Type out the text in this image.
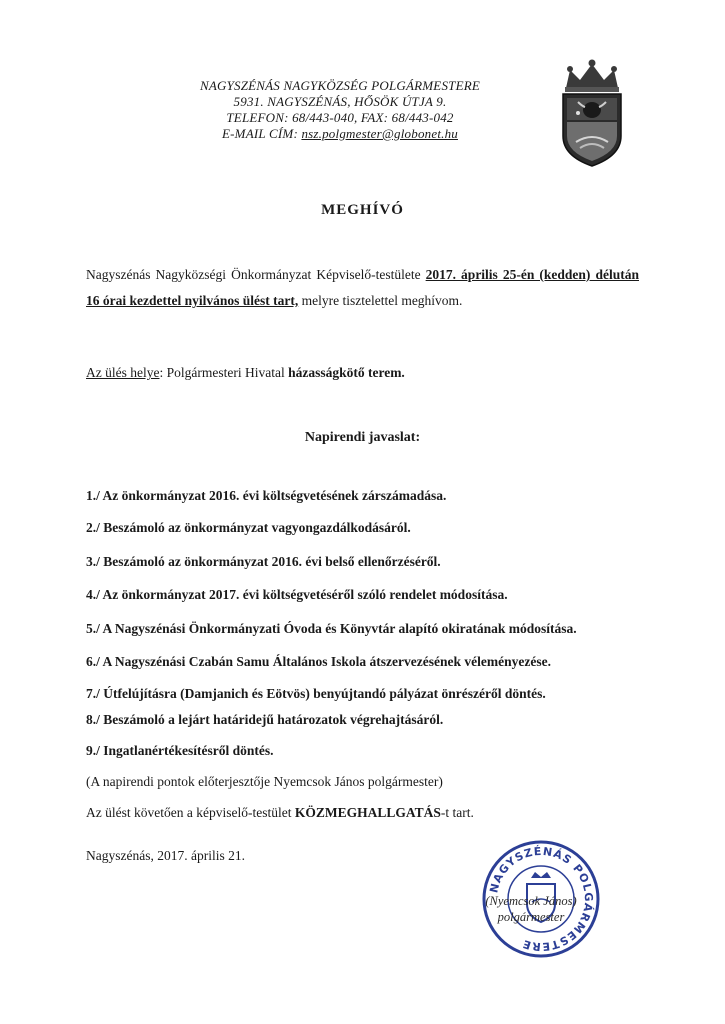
NAGYSZÉNÁS NAGYKÖZSÉG POLGÁRMESTERE
5931. NAGYSZÉNÁS, HŐSÖK ÚTJA 9.
TELEFON: 68/443-040, FAX: 68/443-042
E-MAIL CÍM: nsz.polgmester@globonet.hu
MEGHÍVÓ
Nagyszénás Nagyközségi Önkormányzat Képviselő-testülete 2017. április 25-én (kedden) délután 16 órai kezdettel nyilvános ülést tart, melyre tisztelettel meghívom.
Az ülés helye: Polgármesteri Hivatal házasságkötő terem.
Napirendi javaslat:
1./ Az önkormányzat 2016. évi költségvetésének zárszámadása.
2./ Beszámoló az önkormányzat vagyongazdálkodásáról.
3./ Beszámoló az önkormányzat 2016. évi belső ellenőrzéséről.
4./ Az önkormányzat 2017. évi költségvetéséről szóló rendelet módosítása.
5./ A Nagyszénási Önkormányzati Óvoda és Könyvtár alapító okiratának módosítása.
6./ A Nagyszénási Czabán Samu Általános Iskola átszervezésének véleményezése.
7./ Útfelújításra (Damjanich és Eötvös) benyújtandó pályázat önrészéről döntés.
8./ Beszámoló a lejárt határidejű határozatok végrehajtásáról.
9./ Ingatlanértékesítésről döntés.
(A napirendi pontok előterjesztője Nyemcsok János polgármester)
Az ülést követően a képviselő-testület KÖZMEGHALLGATÁS-t tart.
Nagyszénás, 2017. április 21.
NAGYSZÉNÁS POLGÁRMESTERE
(Nyemcsok János)
polgármester
